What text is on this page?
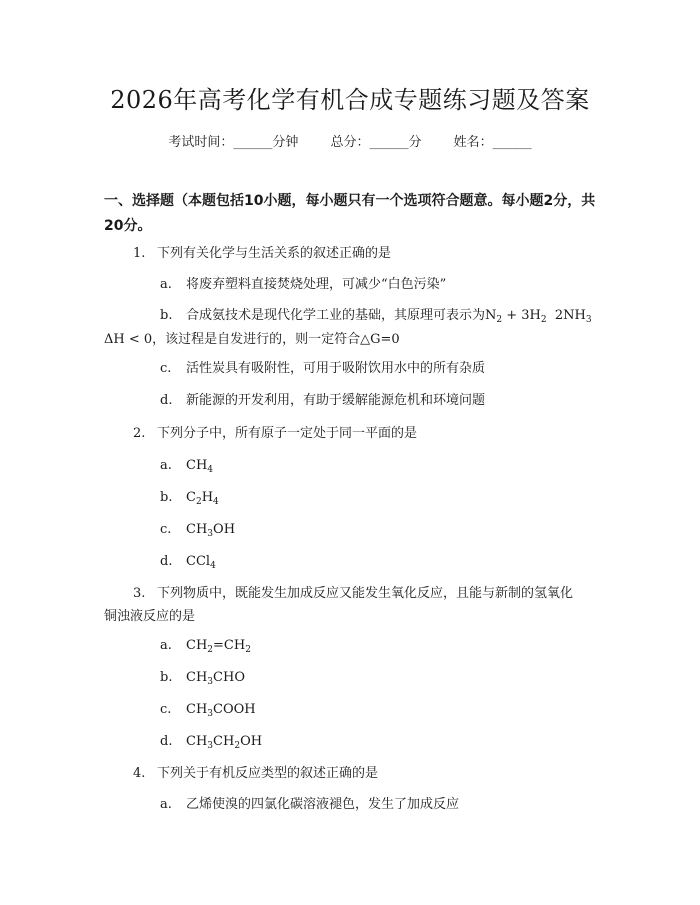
2026年高考化学有机合成专题练习题及答案
考试时间：______分钟 总分：______分 姓名：______
一、选择题（本题包括10小题，每小题只有一个选项符合题意。每小题2分，共20分。
1. 下列有关化学与生活关系的叙述正确的是
a. 将废弃塑料直接焚烧处理，可减少“白色污染”
b. 合成氨技术是现代化学工业的基础，其原理可表示为$N_2 + 3H_2$  $2NH_3$
ΔH < 0，该过程是自发进行的，则一定符合△G=0
c. 活性炭具有吸附性，可用于吸附饮用水中的所有杂质
d. 新能源的开发利用，有助于缓解能源危机和环境问题
2. 下列分子中，所有原子一定处于同一平面的是
a. $CH_4$
b. $C_2H_4$
c. $CH_3OH$
d. CCl$_4$
3. 下列物质中，既能发生加成反应又能发生氧化反应，且能与新制的氢氧化
铜浊液反应的是
a. $CH_2=CH_2$
b. $CH_3CHO$
c. $CH_3COOH$
d. $CH_3CH_2OH$
4. 下列关于有机反应类型的叙述正确的是
a. 乙烯使溴的四氯化碳溶液褪色，发生了加成反应
